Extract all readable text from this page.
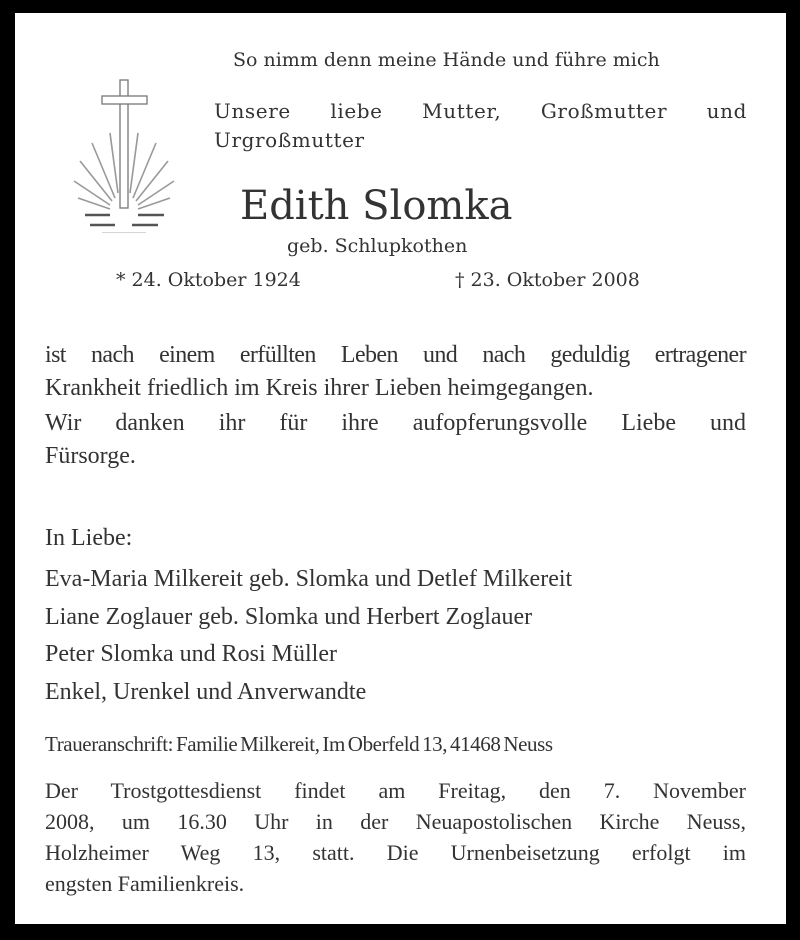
So nimm denn meine Hände und führe mich
Unsere liebe Mutter, Großmutter und
Urgroßmutter
Edith Slomka
geb. Schlupkothen
* 24. Oktober 1924	† 23. Oktober 2008
ist nach einem erfüllten Leben und nach geduldig ertragener
Krankheit friedlich im Kreis ihrer Lieben heimgegangen.
Wir danken ihr für ihre aufopferungsvolle Liebe und
Fürsorge.
In Liebe:
Eva-Maria Milkereit geb. Slomka und Detlef Milkereit
Liane Zoglauer geb. Slomka und Herbert Zoglauer
Peter Slomka und Rosi Müller
Enkel, Urenkel und Anverwandte
Traueranschrift: Familie Milkereit, Im Oberfeld 13, 41468 Neuss
Der Trostgottesdienst findet am Freitag, den 7. November
2008, um 16.30 Uhr in der Neuapostolischen Kirche Neuss,
Holzheimer Weg 13, statt. Die Urnenbeisetzung erfolgt im
engsten Familienkreis.
